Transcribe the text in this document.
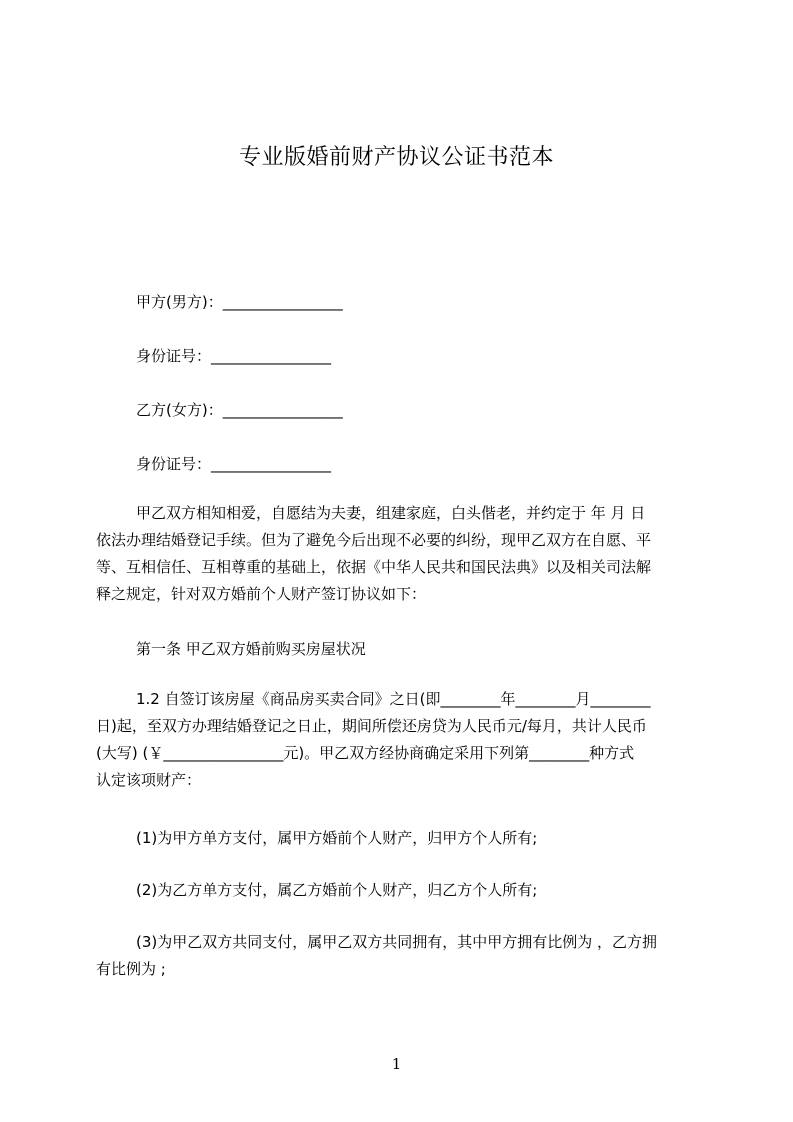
专业版婚前财产协议公证书范本
甲方(男方)：________________
身份证号：________________
乙方(女方)：________________
身份证号：________________

甲乙双方相知相爱，自愿结为夫妻，组建家庭，白头偕老，并约定于 年 月 日

依法办理结婚登记手续。但为了避免今后出现不必要的纠纷，现甲乙双方在自愿、平

等、互相信任、互相尊重的基础上，依据《中华人民共和国民法典》以及相关司法解

释之规定，针对双方婚前个人财产签订协议如下：

第一条 甲乙双方婚前购买房屋状况

1.2 自签订该房屋《商品房买卖合同》之日(即________年________月________

日)起，至双方办理结婚登记之日止，期间所偿还房贷为人民币元/每月，共计人民币

(大写) (￥________________元)。甲乙双方经协商确定采用下列第________种方式

认定该项财产：

(1)为甲方单方支付，属甲方婚前个人财产，归甲方个人所有;
(2)为乙方单方支付，属乙方婚前个人财产，归乙方个人所有;

(3)为甲乙双方共同支付，属甲乙双方共同拥有，其中甲方拥有比例为 ，乙方拥

有比例为 ;

1
